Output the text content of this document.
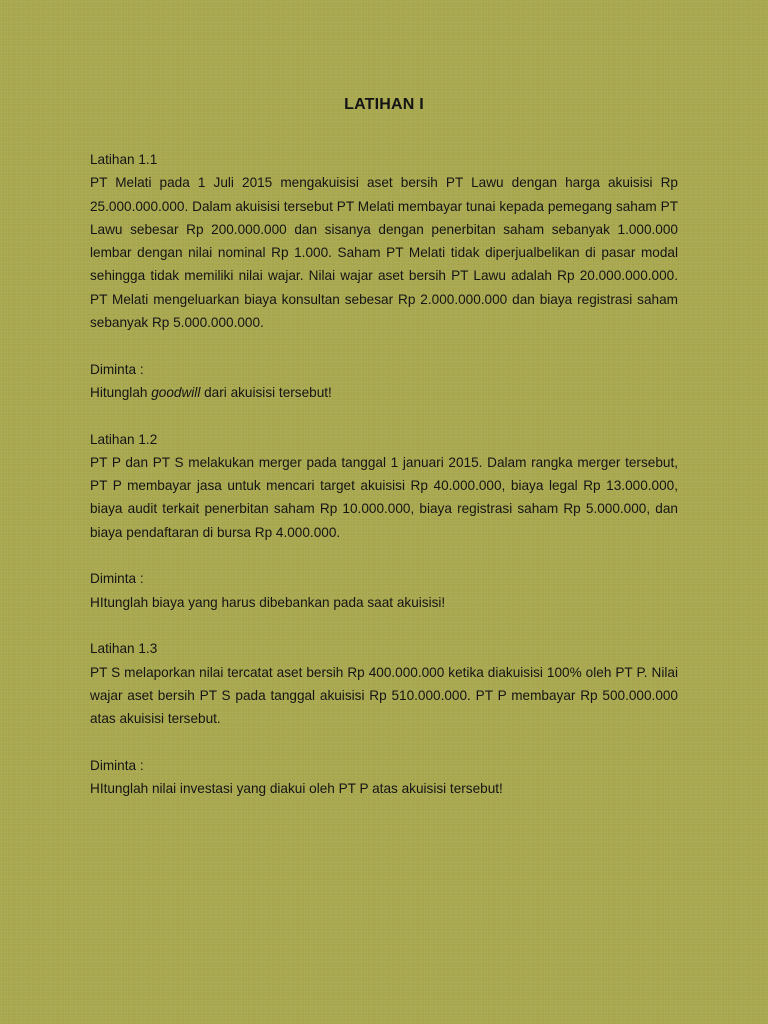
LATIHAN I

Latihan 1.1

PT Melati pada 1 Juli 2015 mengakuisisi aset bersih PT Lawu dengan harga akuisisi Rp 25.000.000.000. Dalam akuisisi tersebut PT Melati membayar tunai kepada pemegang saham PT Lawu sebesar Rp 200.000.000 dan sisanya dengan penerbitan saham sebanyak 1.000.000 lembar dengan nilai nominal Rp 1.000. Saham PT Melati tidak diperjualbelikan di pasar modal sehingga tidak memiliki nilai wajar. Nilai wajar aset bersih PT Lawu adalah Rp 20.000.000.000. PT Melati mengeluarkan biaya konsultan sebesar Rp 2.000.000.000 dan biaya registrasi saham sebanyak Rp 5.000.000.000.

Diminta :

Hitunglah goodwill dari akuisisi tersebut!

Latihan 1.2

PT P dan PT S melakukan merger pada tanggal 1 januari 2015. Dalam rangka merger tersebut, PT P membayar jasa untuk mencari target akuisisi Rp 40.000.000, biaya legal Rp 13.000.000, biaya audit terkait penerbitan saham Rp 10.000.000, biaya registrasi saham Rp 5.000.000, dan biaya pendaftaran di bursa Rp 4.000.000.

Diminta :

HItunglah biaya yang harus dibebankan pada saat akuisisi!

Latihan 1.3

PT S melaporkan nilai tercatat aset bersih Rp 400.000.000 ketika diakuisisi 100% oleh PT P. Nilai wajar aset bersih PT S pada tanggal akuisisi Rp 510.000.000. PT P membayar Rp 500.000.000 atas akuisisi tersebut.

Diminta :

HItunglah nilai investasi yang diakui oleh PT P atas akuisisi tersebut!
